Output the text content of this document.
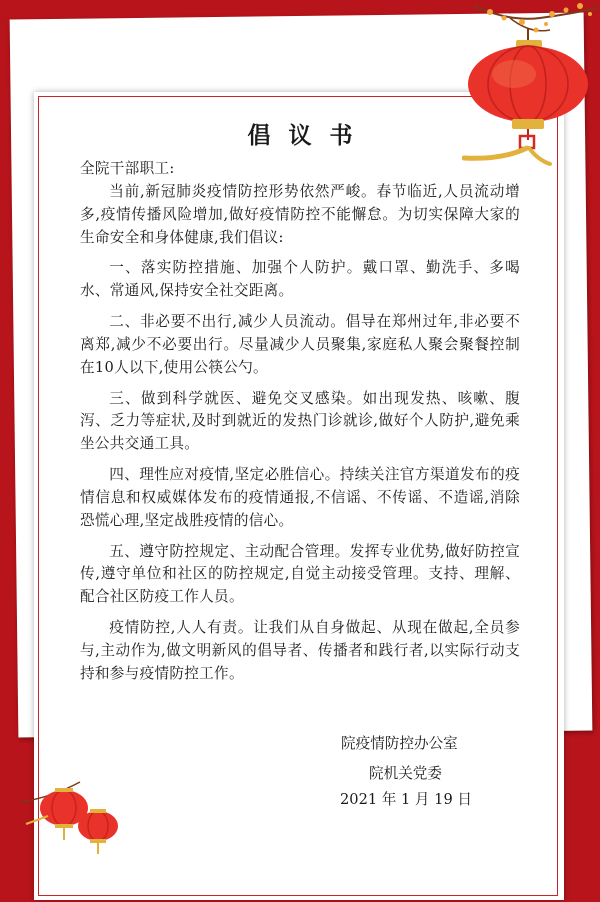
倡议书

全院干部职工:

当前,新冠肺炎疫情防控形势依然严峻。春节临近,人员流动增多,疫情传播风险增加,做好疫情防控不能懈怠。为切实保障大家的生命安全和身体健康,我们倡议:

一、落实防控措施、加强个人防护。戴口罩、勤洗手、多喝水、常通风,保持安全社交距离。

二、非必要不出行,减少人员流动。倡导在郑州过年,非必要不离郑,减少不必要出行。尽量减少人员聚集,家庭私人聚会聚餐控制在10人以下,使用公筷公勺。

三、做到科学就医、避免交叉感染。如出现发热、咳嗽、腹泻、乏力等症状,及时到就近的发热门诊就诊,做好个人防护,避免乘坐公共交通工具。

四、理性应对疫情,坚定必胜信心。持续关注官方渠道发布的疫情信息和权威媒体发布的疫情通报,不信谣、不传谣、不造谣,消除恐慌心理,坚定战胜疫情的信心。

五、遵守防控规定、主动配合管理。发挥专业优势,做好防控宣传,遵守单位和社区的防控规定,自觉主动接受管理。支持、理解、配合社区防疫工作人员。

疫情防控,人人有责。让我们从自身做起、从现在做起,全员参与,主动作为,做文明新风的倡导者、传播者和践行者,以实际行动支持和参与疫情防控工作。

院疫情防控办公室
院机关党委
2021 年 1 月 19 日
